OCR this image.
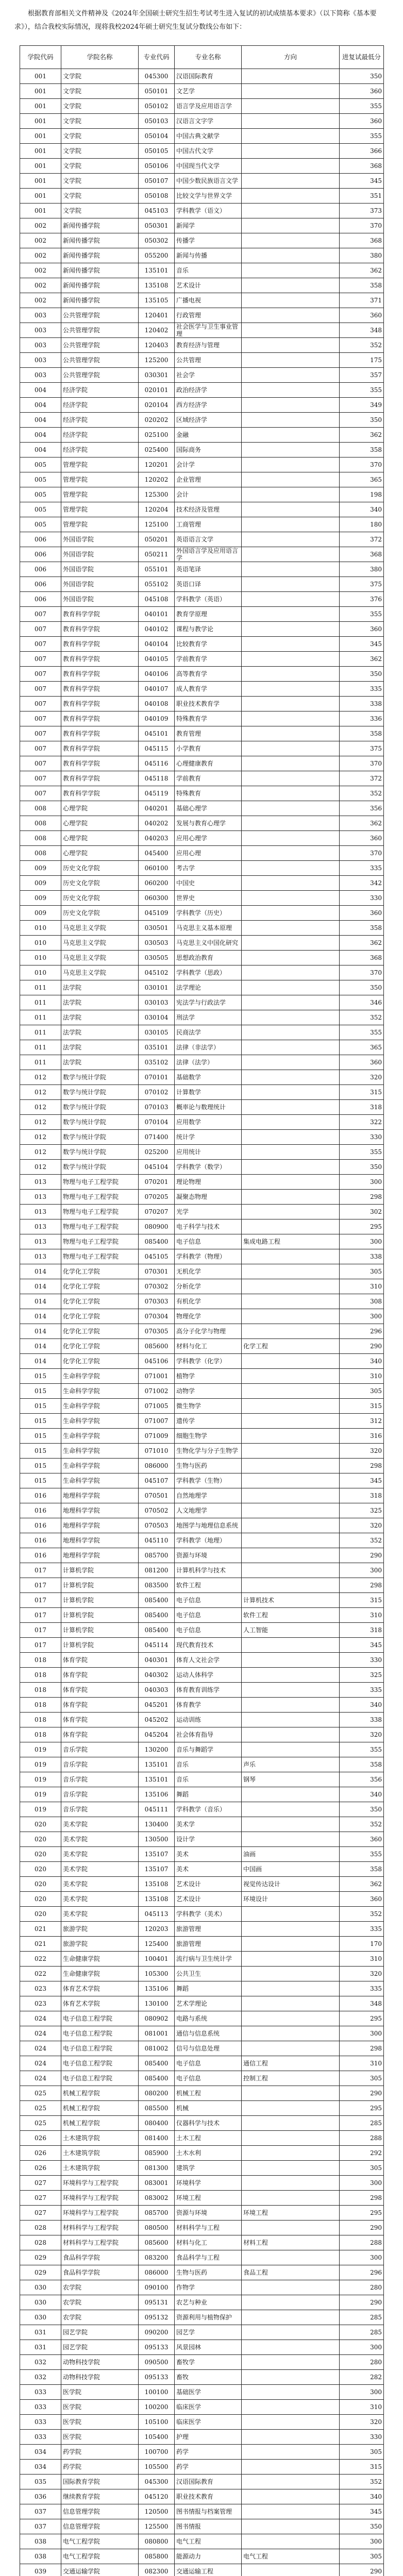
根据教育部相关文件精神及《2024年全国硕士研究生招生考试考生进入复试的初试成绩基本要求》（以下简称《基本要求》），结合我校实际情况，现将我校2024年硕士研究生复试分数线公布如下：

学院代码	学院名称	专业代码	专业名称	方向	进复试最低分
001	文学院	045300	汉语国际教育		350
001	文学院	050101	文艺学		360
001	文学院	050102	语言学及应用语言学		355
001	文学院	050103	汉语言文字学		360
001	文学院	050104	中国古典文献学		355
001	文学院	050105	中国古代文学		366
001	文学院	050106	中国现当代文学		368
001	文学院	050107	中国少数民族语言文学		345
001	文学院	050108	比较文学与世界文学		351
001	文学院	045103	学科教学（语文）		373
002	新闻传播学院	050301	新闻学		370
002	新闻传播学院	050302	传播学		368
002	新闻传播学院	055200	新闻与传播		380
002	新闻传播学院	135101	音乐		362
002	新闻传播学院	135108	艺术设计		358
002	新闻传播学院	135105	广播电视		371
003	公共管理学院	120401	行政管理		360
003	公共管理学院	120402	社会医学与卫生事业管理		348
003	公共管理学院	120403	教育经济与管理		352
003	公共管理学院	125200	公共管理		175
003	公共管理学院	030301	社会学		357
004	经济学院	020101	政治经济学		355
004	经济学院	020104	西方经济学		349
004	经济学院	020202	区域经济学		350
004	经济学院	025100	金融		362
004	经济学院	025400	国际商务		358
005	管理学院	120201	会计学		370
005	管理学院	120202	企业管理		365
005	管理学院	125300	会计		198
005	管理学院	120204	技术经济及管理		340
005	管理学院	125100	工商管理		180
006	外国语学院	050201	英语语言文学		372
006	外国语学院	050211	外国语言学及应用语言学		368
006	外国语学院	055101	英语笔译		380
006	外国语学院	055102	英语口译		375
006	外国语学院	045108	学科教学（英语）		376
007	教育科学学院	040101	教育学原理		355
007	教育科学学院	040102	课程与教学论		360
007	教育科学学院	040104	比较教育学		345
007	教育科学学院	040105	学前教育学		362
007	教育科学学院	040106	高等教育学		350
007	教育科学学院	040107	成人教育学		335
007	教育科学学院	040108	职业技术教育学		338
007	教育科学学院	040109	特殊教育学		336
007	教育科学学院	045101	教育管理		358
007	教育科学学院	045115	小学教育		375
007	教育科学学院	045116	心理健康教育		370
007	教育科学学院	045118	学前教育		372
007	教育科学学院	045119	特殊教育		352
008	心理学院	040201	基础心理学		356
008	心理学院	040202	发展与教育心理学		362
008	心理学院	040203	应用心理学		360
008	心理学院	045400	应用心理		370
009	历史文化学院	060100	考古学		335
009	历史文化学院	060200	中国史		342
009	历史文化学院	060300	世界史		330
009	历史文化学院	045109	学科教学（历史）		360
010	马克思主义学院	030501	马克思主义基本原理		358
010	马克思主义学院	030503	马克思主义中国化研究		362
010	马克思主义学院	030505	思想政治教育		368
010	马克思主义学院	045102	学科教学（思政）		370
011	法学院	030101	法学理论		350
011	法学院	030103	宪法学与行政法学		346
011	法学院	030104	刑法学		352
011	法学院	030105	民商法学		355
011	法学院	035101	法律（非法学）		365
011	法学院	035102	法律（法学）		360
012	数学与统计学院	070101	基础数学		320
012	数学与统计学院	070102	计算数学		315
012	数学与统计学院	070103	概率论与数理统计		318
012	数学与统计学院	070104	应用数学		322
012	数学与统计学院	071400	统计学		330
012	数学与统计学院	025200	应用统计		355
012	数学与统计学院	045104	学科教学（数学）		350
013	物理与电子工程学院	070201	理论物理		300
013	物理与电子工程学院	070205	凝聚态物理		298
013	物理与电子工程学院	070207	光学		302
013	物理与电子工程学院	080900	电子科学与技术		295
013	物理与电子工程学院	085400	电子信息	集成电路工程	300
013	物理与电子工程学院	045105	学科教学（物理）		338
014	化学化工学院	070301	无机化学		305
014	化学化工学院	070302	分析化学		310
014	化学化工学院	070303	有机化学		308
014	化学化工学院	070304	物理化学		300
014	化学化工学院	070305	高分子化学与物理		296
014	化学化工学院	085600	材料与化工	化学工程	290
014	化学化工学院	045106	学科教学（化学）		340
015	生命科学学院	071001	植物学		310
015	生命科学学院	071002	动物学		305
015	生命科学学院	071005	微生物学		315
015	生命科学学院	071007	遗传学		312
015	生命科学学院	071009	细胞生物学		316
015	生命科学学院	071010	生物化学与分子生物学		320
015	生命科学学院	086000	生物与医药		298
015	生命科学学院	045107	学科教学（生物）		345
016	地理科学学院	070501	自然地理学		318
016	地理科学学院	070502	人文地理学		325
016	地理科学学院	070503	地图学与地理信息系统		320
016	地理科学学院	045110	学科教学（地理）		352
016	地理科学学院	085700	资源与环境		290
017	计算机学院	081200	计算机科学与技术		300
017	计算机学院	083500	软件工程		298
017	计算机学院	085400	电子信息	计算机技术	315
017	计算机学院	085400	电子信息	软件工程	310
017	计算机学院	085400	电子信息	人工智能	318
017	计算机学院	045114	现代教育技术		345
018	体育学院	040301	体育人文社会学		330
018	体育学院	040302	运动人体科学		325
018	体育学院	040303	体育教育训练学		335
018	体育学院	045201	体育教学		340
018	体育学院	045202	运动训练		338
018	体育学院	045204	社会体育指导		320
019	音乐学院	130200	音乐与舞蹈学		355
019	音乐学院	135101	音乐	声乐	358
019	音乐学院	135101	音乐	钢琴	356
019	音乐学院	135106	舞蹈		340
019	音乐学院	045111	学科教学（音乐）		350
020	美术学院	130400	美术学		352
020	美术学院	130500	设计学		360
020	美术学院	135107	美术	油画	355
020	美术学院	135107	美术	中国画	358
020	美术学院	135108	艺术设计	视觉传达设计	362
020	美术学院	135108	艺术设计	环境设计	360
020	美术学院	045113	学科教学（美术）		352
021	旅游学院	120203	旅游管理		335
021	旅游学院	125400	旅游管理		170
022	生命健康学院	100401	流行病与卫生统计学		310
022	生命健康学院	105300	公共卫生		320
023	体育艺术学院	135106	舞蹈		335
023	体育艺术学院	130100	艺术学理论		348
024	电子信息工程学院	080902	电路与系统		295
024	电子信息工程学院	081001	通信与信息系统		300
024	电子信息工程学院	081002	信号与信息处理		298
024	电子信息工程学院	085400	电子信息	通信工程	310
024	电子信息工程学院	085400	电子信息	控制工程	305
025	机械工程学院	080200	机械工程		290
025	机械工程学院	085500	机械		295
025	机械工程学院	080400	仪器科学与技术		285
026	土木建筑学院	081400	土木工程		288
026	土木建筑学院	085900	土木水利		292
026	土木建筑学院	081300	建筑学		305
027	环境科学与工程学院	083001	环境科学		300
027	环境科学与工程学院	083002	环境工程		298
027	环境科学与工程学院	085700	资源与环境	环境工程	295
028	材料科学与工程学院	080500	材料科学与工程		290
028	材料科学与工程学院	085600	材料与化工	材料工程	288
029	食品科学学院	083200	食品科学与工程		300
029	食品科学学院	086000	生物与医药	食品工程	296
030	农学院	090100	作物学		280
030	农学院	095131	农艺与种业		290
030	农学院	095132	资源利用与植物保护		285
031	园艺学院	090200	园艺学		285
031	园艺学院	095133	风景园林		300
032	动物科技学院	090500	畜牧学		280
032	动物科技学院	095133	畜牧		282
033	医学院	100100	基础医学		300
033	医学院	100200	临床医学		310
033	医学院	105100	临床医学		320
033	医学院	105400	护理		330
034	药学院	100700	药学		305
034	药学院	105500	药学		315
035	国际教育学院	045300	汉语国际教育		352
036	继续教育学院	045120	职业技术教育		340
037	信息管理学院	120500	图书情报与档案管理		345
037	信息管理学院	125500	图书情报		350
038	电气工程学院	080800	电气工程		300
038	电气工程学院	085800	能源动力	电气工程	305
039	交通运输学院	082300	交通运输工程		290
